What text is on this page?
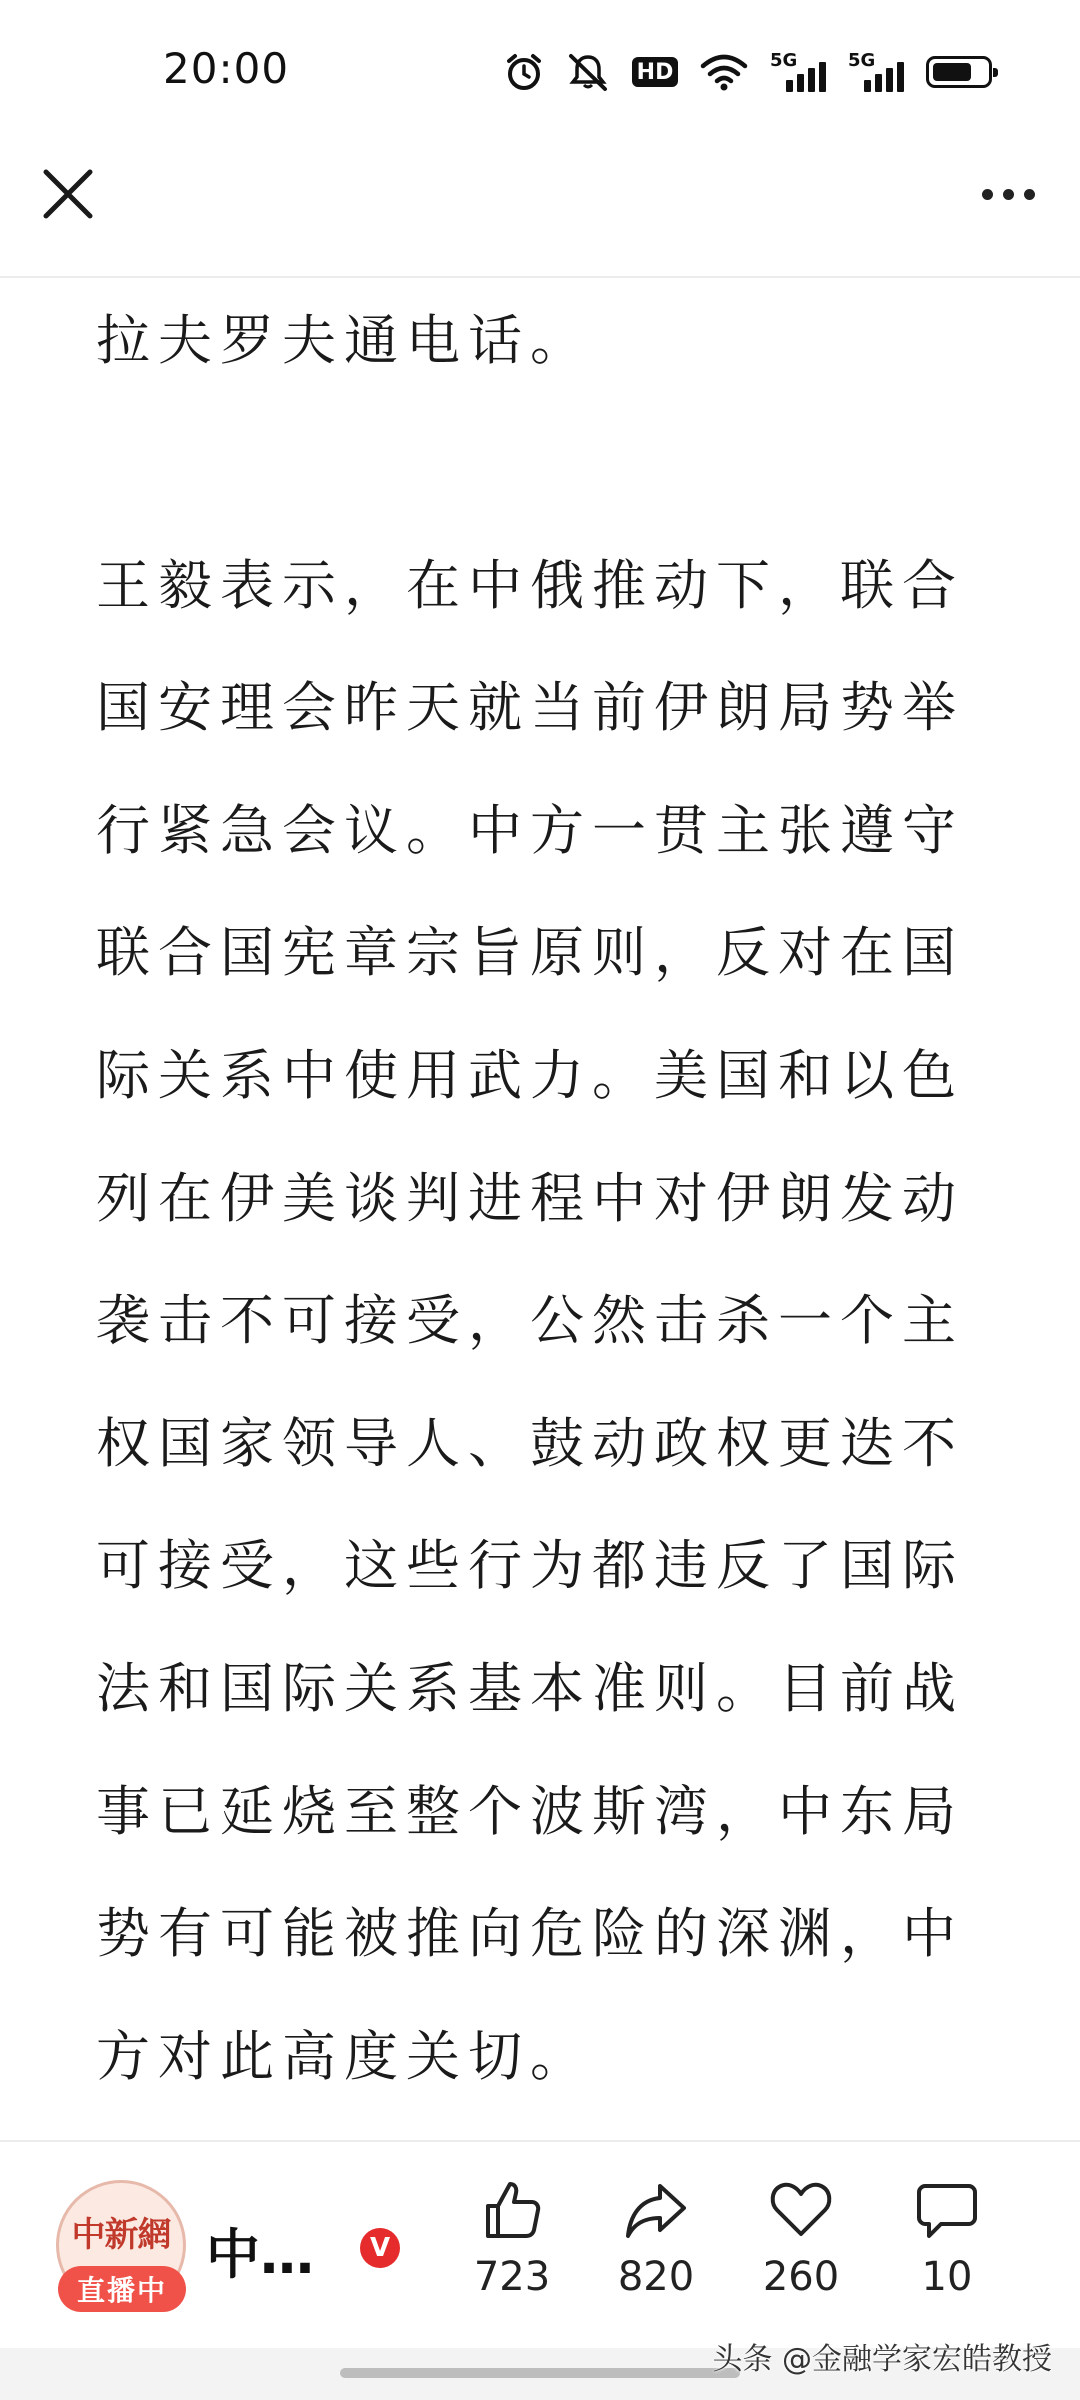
20:00	HD	5G	5G

拉夫罗夫通电话。

王毅表示，在中俄推动下，联合国安理会昨天就当前伊朗局势举行紧急会议。中方一贯主张遵守联合国宪章宗旨原则，反对在国际关系中使用武力。美国和以色列在伊美谈判进程中对伊朗发动袭击不可接受，公然击杀一个主权国家领导人、鼓动政权更迭不可接受，这些行为都违反了国际法和国际关系基本准则。目前战事已延烧至整个波斯湾，中东局势有可能被推向危险的深渊，中方对此高度关切。

中新網
直播中
中…	V
723 820 260 10
头条 @金融学家宏皓教授
